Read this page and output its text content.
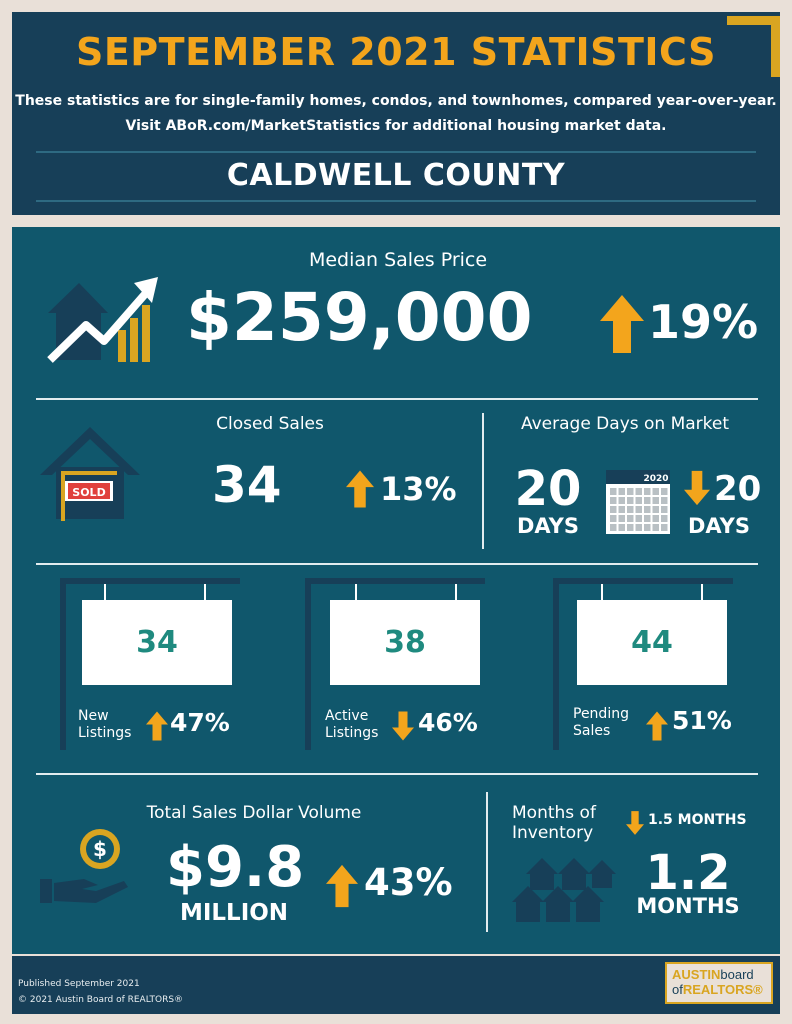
SEPTEMBER 2021 STATISTICS
These statistics are for single-family homes, condos, and townhomes, compared year-over-year.
Visit ABoR.com/MarketStatistics for additional housing market data.
CALDWELL COUNTY
Median Sales Price
$259,000	19%
Closed Sales
SOLD 34	13%
Average Days on Market
20
DAYS
2020 20
DAYS
34
New
Listings 47%
38
Active
Listings 46%
44
Pending
Sales	51%
Total Sales Dollar Volume
$ $9.8
MILLION
43%
Months of
Inventory
1.5 MONTHS
1.2
MONTHS
Published September 2021
© 2021 Austin Board of REALTORS®
AUSTINboard
ofREALTORS®
